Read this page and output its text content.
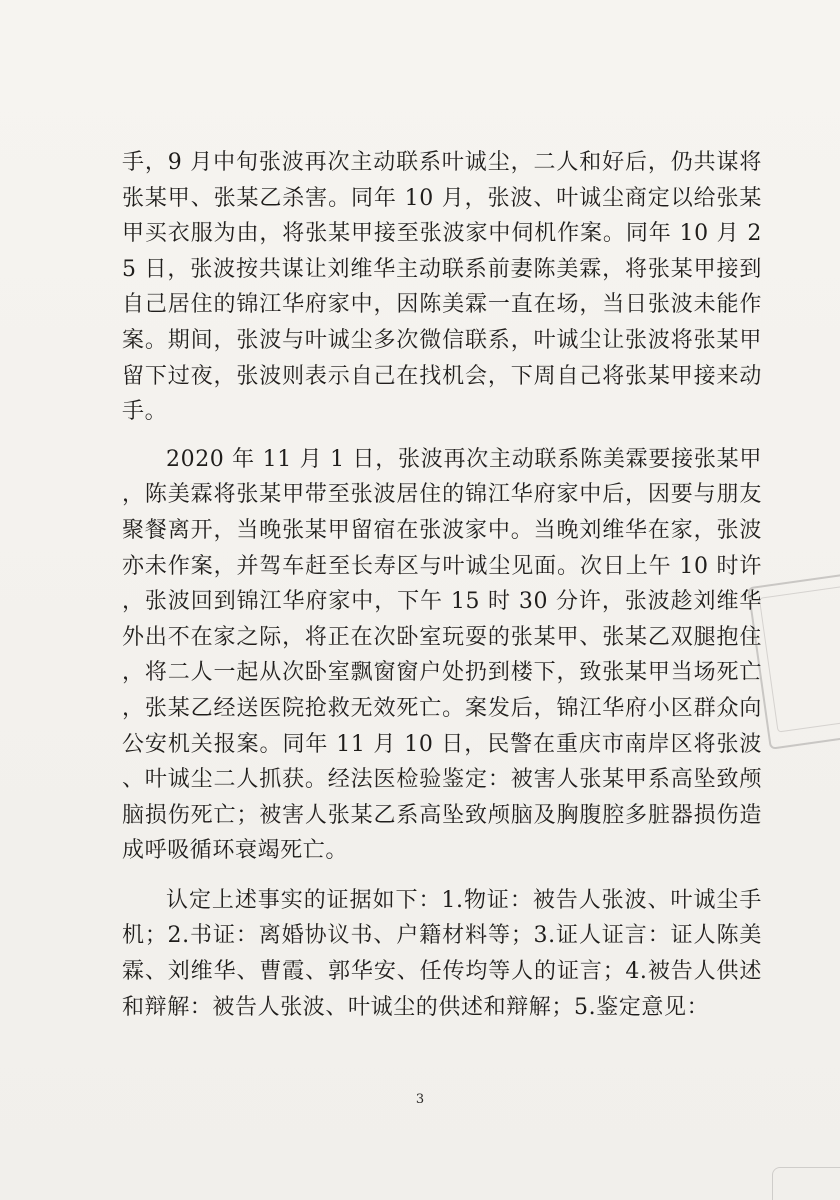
手，9 月中旬张波再次主动联系叶诚尘，二人和好后，仍共谋将张某甲、张某乙杀害。同年 10 月，张波、叶诚尘商定以给张某甲买衣服为由，将张某甲接至张波家中伺机作案。同年 10 月 25 日，张波按共谋让刘维华主动联系前妻陈美霖，将张某甲接到自己居住的锦江华府家中，因陈美霖一直在场，当日张波未能作案。期间，张波与叶诚尘多次微信联系，叶诚尘让张波将张某甲留下过夜，张波则表示自己在找机会，下周自己将张某甲接来动手。

2020 年 11 月 1 日，张波再次主动联系陈美霖要接张某甲，陈美霖将张某甲带至张波居住的锦江华府家中后，因要与朋友聚餐离开，当晚张某甲留宿在张波家中。当晚刘维华在家，张波亦未作案，并驾车赶至长寿区与叶诚尘见面。次日上午 10 时许，张波回到锦江华府家中，下午 15 时 30 分许，张波趁刘维华外出不在家之际，将正在次卧室玩耍的张某甲、张某乙双腿抱住，将二人一起从次卧室飘窗窗户处扔到楼下，致张某甲当场死亡，张某乙经送医院抢救无效死亡。案发后，锦江华府小区群众向公安机关报案。同年 11 月 10 日，民警在重庆市南岸区将张波、叶诚尘二人抓获。经法医检验鉴定：被害人张某甲系高坠致颅脑损伤死亡；被害人张某乙系高坠致颅脑及胸腹腔多脏器损伤造成呼吸循环衰竭死亡。

认定上述事实的证据如下：1.物证：被告人张波、叶诚尘手机；2.书证：离婚协议书、户籍材料等；3.证人证言：证人陈美霖、刘维华、曹霞、郭华安、任传均等人的证言；4.被告人供述和辩解：被告人张波、叶诚尘的供述和辩解；5.鉴定意见：

3
